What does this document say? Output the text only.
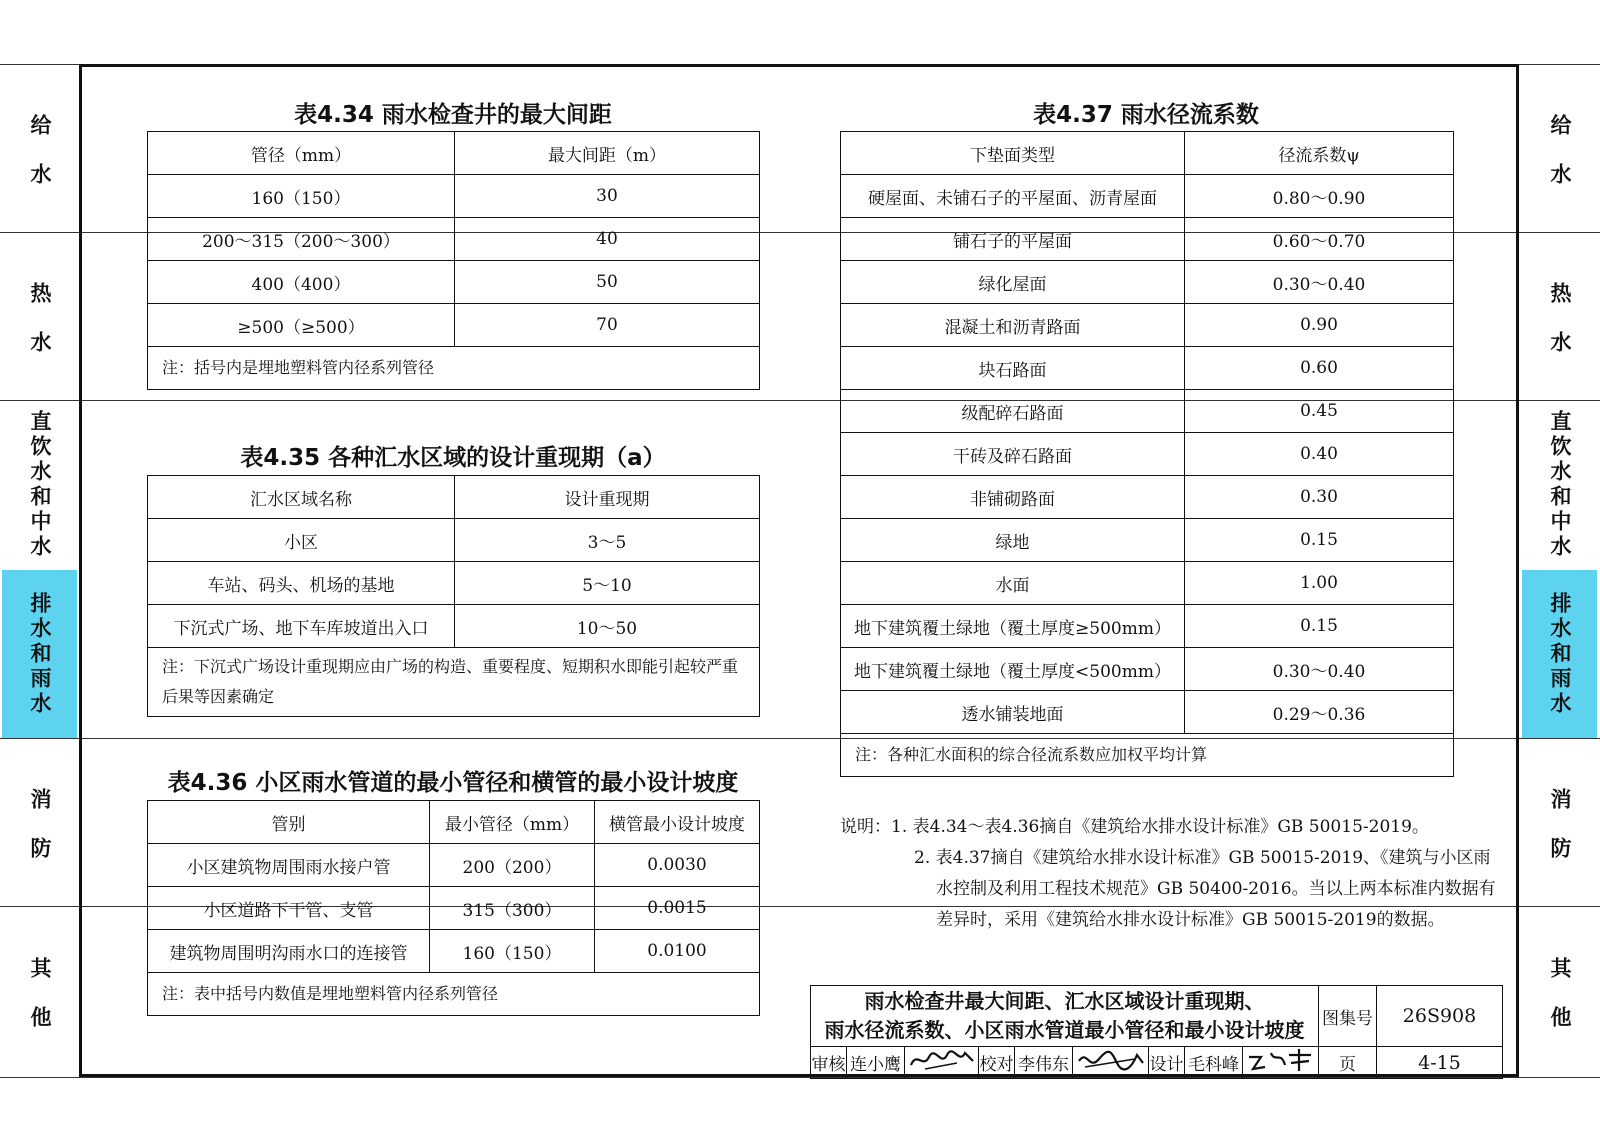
给水
热水
直饮水和中水
排水和雨水
消防
其他
给水
热水
直饮水和中水
排水和雨水
消防
其他
表4.34 雨水检查井的最大间距
管径（mm）	最大间距（m）
160（150）	30
200～315（200～300）	40
400（400）	50
≥500（≥500）	70
注：括号内是埋地塑料管内径系列管径	
表4.35 各种汇水区域的设计重现期（a）
汇水区域名称	设计重现期
小区	3～5
车站、码头、机场的基地	5～10
下沉式广场、地下车库坡道出入口	10～50
注：下沉式广场设计重现期应由广场的构造、重要程度、短期积水即能引起较严重后果等因素确定	
表4.36 小区雨水管道的最小管径和横管的最小设计坡度
管别	最小管径（mm）	横管最小设计坡度
小区建筑物周围雨水接户管	200（200）	0.0030
小区道路下干管、支管	315（300）	0.0015
建筑物周围明沟雨水口的连接管	160（150）	0.0100
注：表中括号内数值是埋地塑料管内径系列管径		
表4.37 雨水径流系数
下垫面类型	径流系数ψ
硬屋面、未铺石子的平屋面、沥青屋面	0.80～0.90
铺石子的平屋面	0.60～0.70
绿化屋面	0.30～0.40
混凝土和沥青路面	0.90
块石路面	0.60
级配碎石路面	0.45
干砖及碎石路面	0.40
非铺砌路面	0.30
绿地	0.15
水面	1.00
地下建筑覆土绿地（覆土厚度≥500mm）	0.15
地下建筑覆土绿地（覆土厚度<500mm）	0.30～0.40
透水铺装地面	0.29～0.36
注：各种汇水面积的综合径流系数应加权平均计算	
说明：1. 表4.34～表4.36摘自《建筑给水排水设计标准》GB 50015-2019。
2. 表4.37摘自《建筑给水排水设计标准》GB 50015-2019、《建筑与小区雨
水控制及利用工程技术规范》GB 50400-2016。当以上两本标准内数据有
差异时，采用《建筑给水排水设计标准》GB 50015-2019的数据。
雨水检查井最大间距、汇水区域设计重现期、
雨水径流系数、小区雨水管道最小管径和最小设计坡度									图集号	26S908
审核	连小鹰		校对	李伟东		设计	毛科峰		页	4-15
